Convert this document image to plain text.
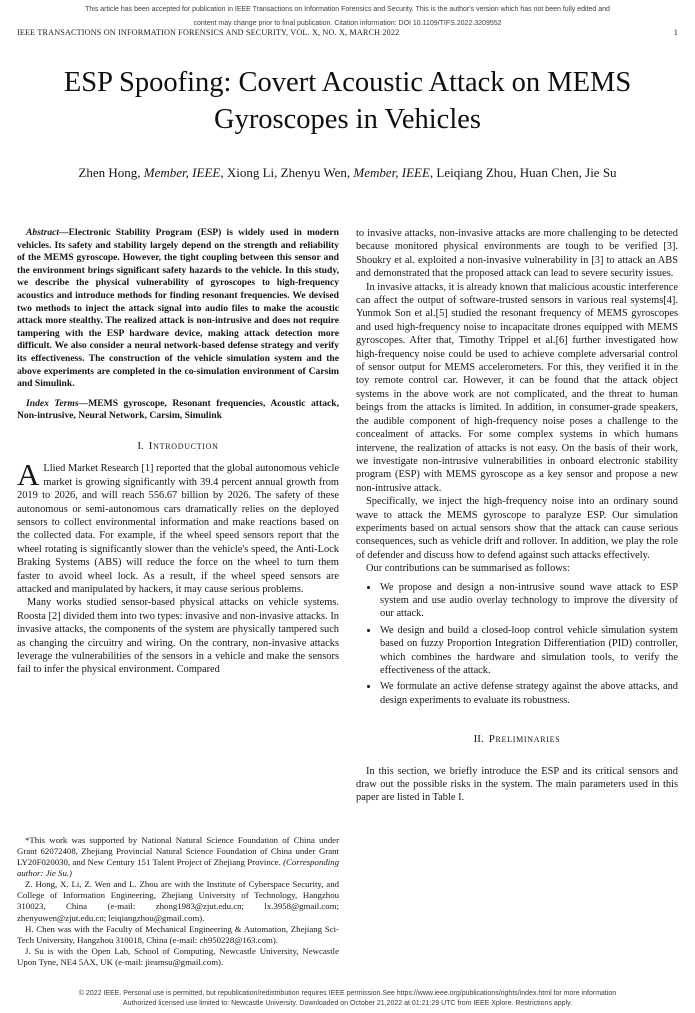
This article has been accepted for publication in IEEE Transactions on Information Forensics and Security. This is the author's version which has not been fully edited and
content may change prior to final publication. Citation information: DOI 10.1109/TIFS.2022.3209552
IEEE TRANSACTIONS ON INFORMATION FORENSICS AND SECURITY, VOL. X, NO. X, MARCH 2022	1
ESP Spoofing: Covert Acoustic Attack on MEMS
Gyroscopes in Vehicles
Zhen Hong, Member, IEEE, Xiong Li, Zhenyu Wen, Member, IEEE, Leiqiang Zhou, Huan Chen, Jie Su

Abstract—Electronic Stability Program (ESP) is widely used in modern vehicles. Its safety and stability largely depend on the strength and reliability of the MEMS gyroscope. However, the tight coupling between this sensor and the environment brings significant safety hazards to the vehicle. In this study, we describe the physical vulnerability of gyroscopes to high-frequency acoustics and introduce methods for finding resonant frequencies. We devised two methods to inject the attack signal into audio files to make the acoustic attack more stealthy. The realized attack is non-intrusive and does not require tampering with the ESP hardware device, making attack detection more difficult. We also consider a neural network-based defense strategy and verify its effectiveness. The construction of the vehicle simulation system and the above experiments are completed in the co-simulation environment of Carsim and Simulink.

Index Terms—MEMS gyroscope, Resonant frequencies, Acoustic attack, Non-intrusive, Neural Network, Carsim, Simulink

I. Introduction

A Llied Market Research [1] reported that the global autonomous vehicle market is growing significantly with 39.4 percent annual growth from 2019 to 2026, and will reach 556.67 billion by 2026. The safety of these autonomous or semi-autonomous cars dramatically relies on the deployed sensors to collect environmental information and make reactions based on the collected data. For example, if the wheel speed sensors report that the wheel rotating is significantly slower than the vehicle's speed, the Anti-Lock Braking Systems (ABS) will reduce the force on the wheel to turn them faster to avoid wheel lock. As a result, if the wheel speed sensors are attacked and manipulated by hackers, it may cause serious problems.

Many works studied sensor-based physical attacks on vehicle systems. Roosta [2] divided them into two types: invasive and non-invasive attacks. In invasive attacks, the components of the system are physically tampered such as changing the circuitry and wiring. On the contrary, non-invasive attacks leverage the vulnerabilities of the sensors in a vehicle and make the sensors fail to infer the physical environment. Compared

*This work was supported by National Natural Science Foundation of China under Grant 62072408, Zhejiang Provincial Natural Science Foundation of China under Grant LY20F020030, and New Century 151 Talent Project of Zhejiang Province. (Corresponding author: Jie Su.)

Z. Hong, X. Li, Z. Wen and L. Zhou are with the Institute of Cyberspace Security, and College of Information Engineering, Zhejiang University of Technology, Hangzhou 310023, China (e-mail: zhong1983@zjut.edu.cn; lx.3958@gmail.com; zhenyuwen@zjut.edu.cn; leiqiangzhou@gmail.com).

H. Chen was with the Faculty of Mechanical Engineering & Automation, Zhejiang Sci-Tech University, Hangzhou 310018, China (e-mail: ch950228@163.com).

J. Su is with the Open Lab, School of Computing, Newcastle University, Newcastle Upon Tyne, NE4 5AX, UK (e-mail: jieamsu@gmail.com).

to invasive attacks, non-invasive attacks are more challenging to be detected because monitored physical environments are tough to be verified [3]. Shoukry et al. exploited a non-invasive vulnerability in [3] to attack an ABS and demonstrated that the proposed attack can lead to severe security issues.

In invasive attacks, it is already known that malicious acoustic interference can affect the output of software-trusted sensors in various real systems[4]. Yunmok Son et al.[5] studied the resonant frequency of MEMS gyroscopes and used high-frequency noise to incapacitate drones equipped with MEMS gyroscopes. After that, Timothy Trippel et al.[6] further investigated how high-frequency noise could be used to achieve complete adversarial control of sensor output for MEMS accelerometers. For this, they verified it in the toy remote control car. However, it can be found that the attack object systems in the above work are not complicated, and the threat to human beings from the attacks is limited. In addition, in consumer-grade speakers, the audible component of high-frequency noise poses a challenge to the concealment of attacks. For some complex systems in which humans intervene, the realization of attacks is not easy. On the basis of their work, we investigate non-intrusive vulnerabilities in onboard electronic stability program (ESP) with MEMS gyroscope as a key sensor and propose a new non-intrusive attack.

Specifically, we inject the high-frequency noise into an ordinary sound wave to attack the MEMS gyroscope to paralyze ESP. Our simulation experiments based on actual sensors show that the attack can cause serious consequences, such as vehicle drift and rollover. In addition, we play the role of defender and discuss how to defend against such attacks effectively.

Our contributions can be summarised as follows:

• We propose and design a non-intrusive sound wave attack to ESP system and use audio overlay technology to improve the diversity of our attack.
• We design and build a closed-loop control vehicle simulation system based on fuzzy Proportion Integration Differentiation (PID) controller, which combines the hardware and simulation tools, to verify the effectiveness of the attack.
• We formulate an active defense strategy against the above attacks, and design experiments to evaluate its robustness.
II. Preliminaries

In this section, we briefly introduce the ESP and its critical sensors and draw out the possible risks in the system. The main parameters used in this paper are listed in Table I.

© 2022 IEEE. Personal use is permitted, but republication/redistribution requires IEEE permission.See https://www.ieee.org/publications/rights/index.html for more information
Authorized licensed use limited to: Newcastle University. Downloaded on October 21,2022 at 01:21:29 UTC from IEEE Xplore. Restrictions apply.
